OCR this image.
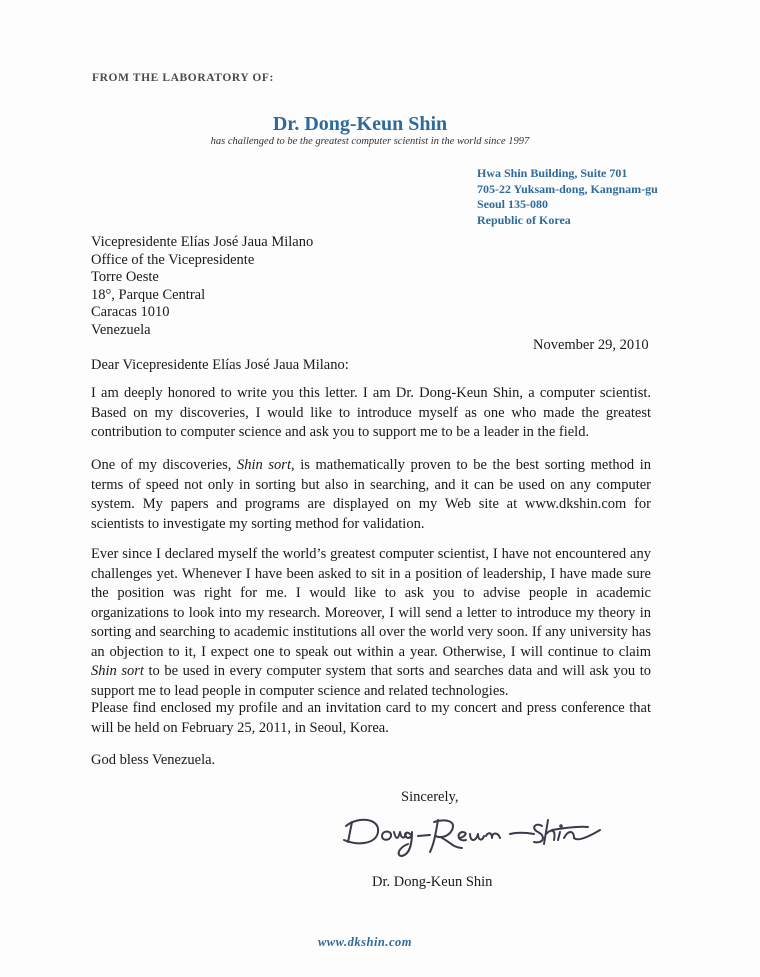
FROM THE LABORATORY OF:
Dr. Dong-Keun Shin
has challenged to be the greatest computer scientist in the world since 1997
Hwa Shin Building, Suite 701
705-22 Yuksam-dong, Kangnam-gu
Seoul 135-080
Republic of Korea
Vicepresidente Elías José Jaua Milano
Office of the Vicepresidente
Torre Oeste
18°, Parque Central
Caracas 1010
Venezuela
November 29, 2010
Dear Vicepresidente Elías José Jaua Milano:

I am deeply honored to write you this letter. I am Dr. Dong-Keun Shin, a computer scientist. Based on my discoveries, I would like to introduce myself as one who made the greatest contribution to computer science and ask you to support me to be a leader in the field.

One of my discoveries, Shin sort, is mathematically proven to be the best sorting method in terms of speed not only in sorting but also in searching, and it can be used on any computer system. My papers and programs are displayed on my Web site at www.dkshin.com for scientists to investigate my sorting method for validation.

Ever since I declared myself the world’s greatest computer scientist, I have not encountered any challenges yet. Whenever I have been asked to sit in a position of leadership, I have made sure the position was right for me. I would like to ask you to advise people in academic organizations to look into my research. Moreover, I will send a letter to introduce my theory in sorting and searching to academic institutions all over the world very soon. If any university has an objection to it, I expect one to speak out within a year. Otherwise, I will continue to claim Shin sort to be used in every computer system that sorts and searches data and will ask you to support me to lead people in computer science and related technologies.

Please find enclosed my profile and an invitation card to my concert and press conference that will be held on February 25, 2011, in Seoul, Korea.

God bless Venezuela.
Sincerely,
Dr. Dong-Keun Shin
www.dkshin.com
